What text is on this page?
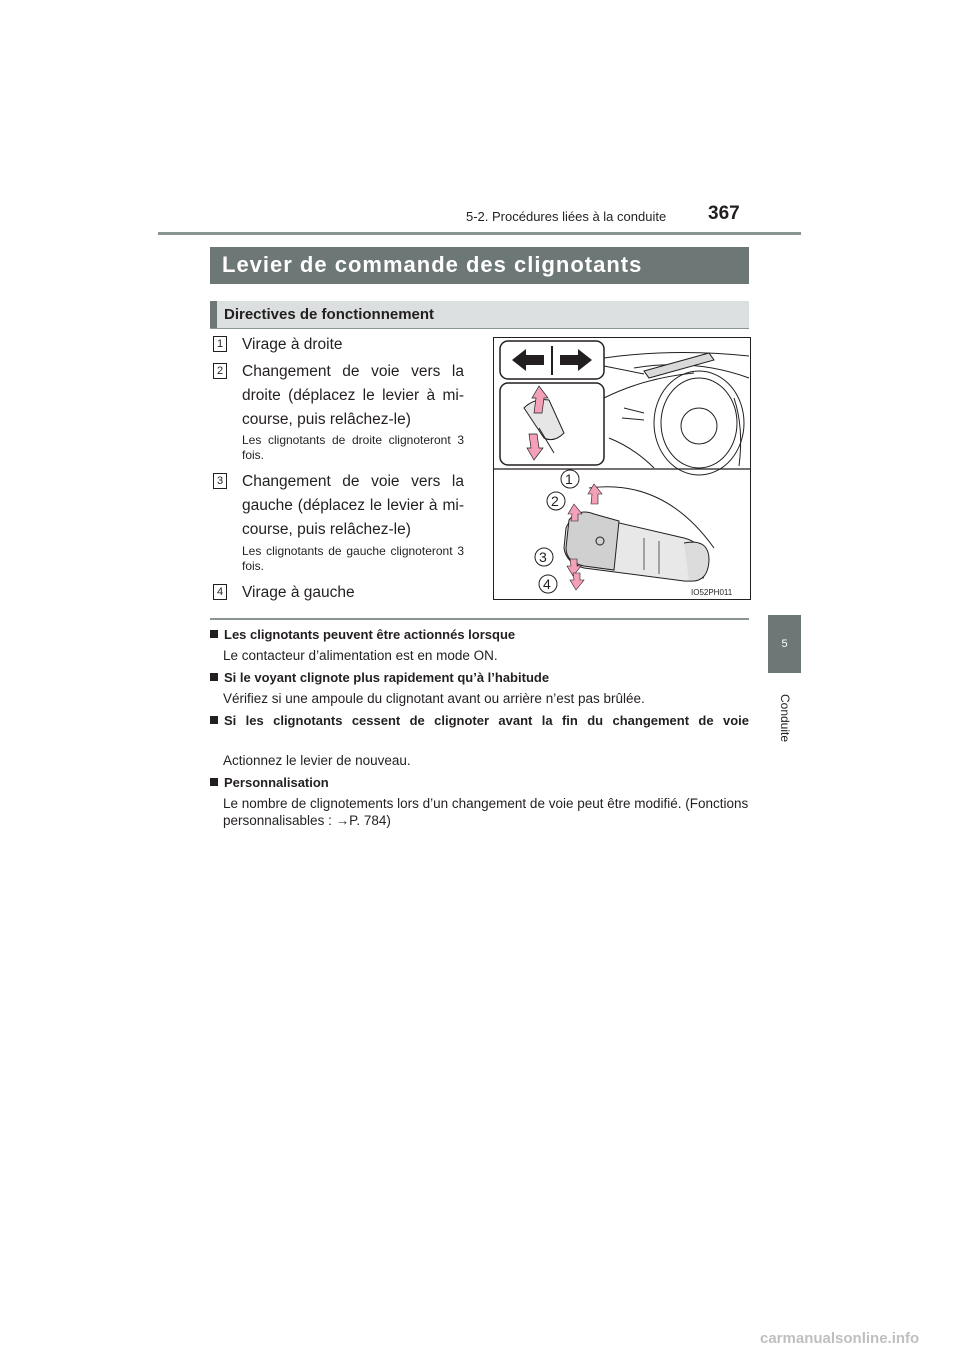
5-2. Procédures liées à la conduite 367
5
Conduite
Levier de commande des clignotants
Directives de fonctionnement
1 Virage à droite
2 Changement de voie vers la droite (déplacez le levier à mi-course, puis relâchez-le)
Les clignotants de droite clignoteront 3 fois.
3 Changement de voie vers la gauche (déplacez le levier à mi-course, puis relâchez-le)
Les clignotants de gauche clignoteront 3 fois.
4 Virage à gauche
1
2
3
4
IO52PH011
Les clignotants peuvent être actionnés lorsque
Le contacteur d’alimentation est en mode ON.
Si le voyant clignote plus rapidement qu’à l’habitude
Vérifiez si une ampoule du clignotant avant ou arrière n’est pas brûlée.
Si les clignotants cessent de clignoter avant la fin du changement de voie
Actionnez le levier de nouveau.
Personnalisation
Le nombre de clignotements lors d’un changement de voie peut être modifié. (Fonctions personnalisables : →P. 784)
carmanualsonline.info
